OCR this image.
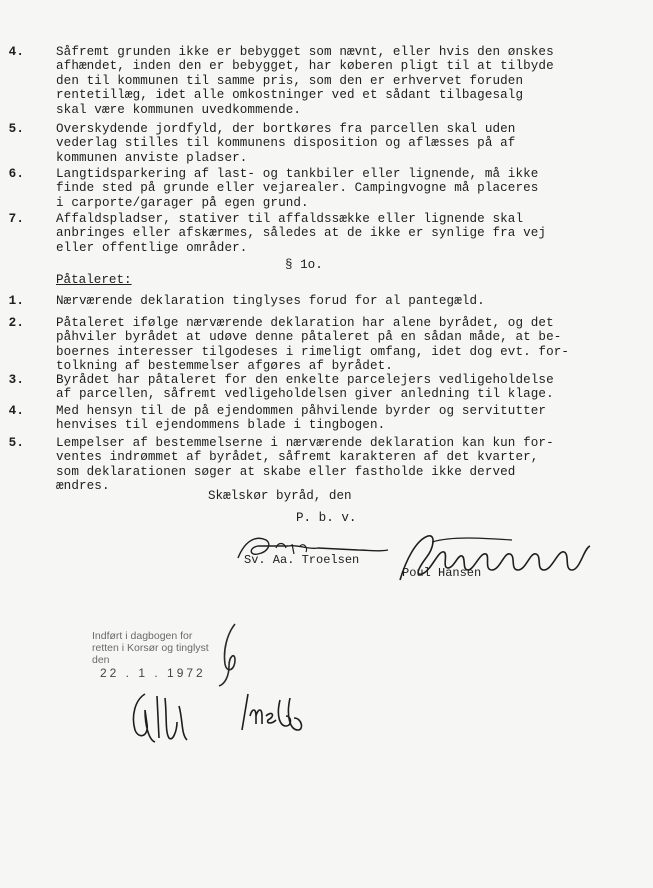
4.	Såfremt grunden ikke er bebygget som nævnt, eller hvis den ønskes
afhændet, inden den er bebygget, har køberen pligt til at tilbyde
den til kommunen til samme pris, som den er erhvervet foruden
rentetillæg, idet alle omkostninger ved et sådant tilbagesalg
skal være kommunen uvedkommende.
5.	Overskydende jordfyld, der bortkøres fra parcellen skal uden
vederlag stilles til kommunens disposition og aflæsses på af
kommunen anviste pladser.
6.	Langtidsparkering af last- og tankbiler eller lignende, må ikke
finde sted på grunde eller vejarealer. Campingvogne må placeres
i carporte/garager på egen grund.
7.	Affaldspladser, stativer til affaldssække eller lignende skal
anbringes eller afskærmes, således at de ikke er synlige fra vej
eller offentlige områder.
§ 1o.
Påtaleret:
1.	Nærværende deklaration tinglyses forud for al pantegæld.
2.	Påtaleret ifølge nærværende deklaration har alene byrådet, og det
påhviler byrådet at udøve denne påtaleret på en sådan måde, at be-
boernes interesser tilgodeses i rimeligt omfang, idet dog evt. for-
tolkning af bestemmelser afgøres af byrådet.
3.	Byrådet har påtaleret for den enkelte parcelejers vedligeholdelse
af parcellen, såfremt vedligeholdelsen giver anledning til klage.
4.	Med hensyn til de på ejendommen påhvilende byrder og servitutter
henvises til ejendommens blade i tingbogen.
5.	Lempelser af bestemmelserne i nærværende deklaration kan kun for-
ventes indrømmet af byrådet, såfremt karakteren af det kvarter,
som deklarationen søger at skabe eller fastholde ikke derved
ændres.
Skælskør byråd, den
P. b. v.
Sv. Aa. Troelsen
Poul Hansen
Indført i dagbogen for
retten i Korsør og tinglyst
den
22 . 1 . 1972
